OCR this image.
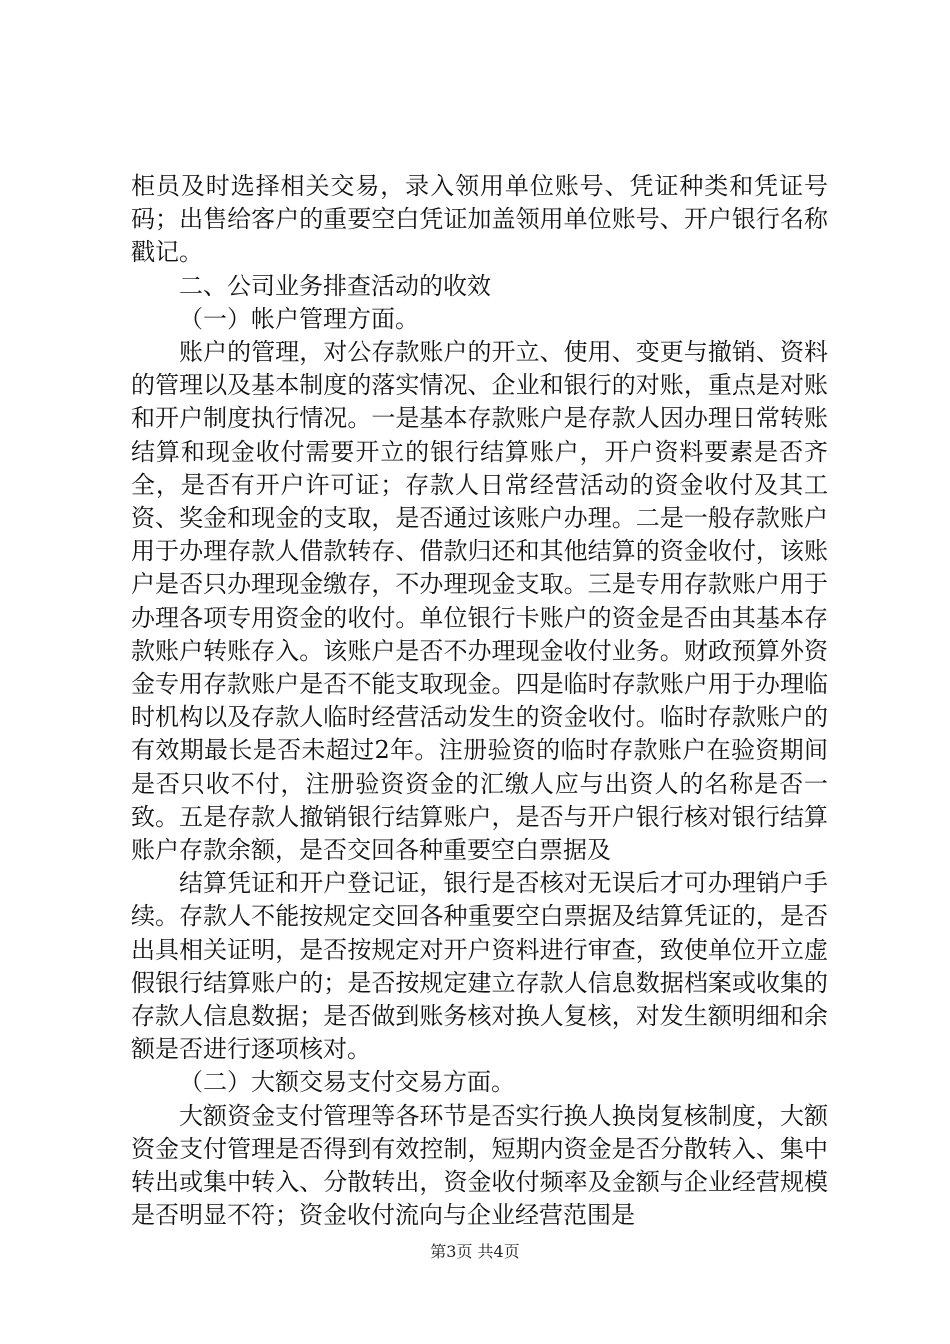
柜员及时选择相关交易，录入领用单位账号、凭证种类和凭证号码；出售给客户的重要空白凭证加盖领用单位账号、开户银行名称戳记。

二、公司业务排查活动的收效

（一）帐户管理方面。

账户的管理，对公存款账户的开立、使用、变更与撤销、资料的管理以及基本制度的落实情况、企业和银行的对账，重点是对账和开户制度执行情况。一是基本存款账户是存款人因办理日常转账结算和现金收付需要开立的银行结算账户，开户资料要素是否齐全，是否有开户许可证；存款人日常经营活动的资金收付及其工资、奖金和现金的支取，是否通过该账户办理。二是一般存款账户用于办理存款人借款转存、借款归还和其他结算的资金收付，该账户是否只办理现金缴存，不办理现金支取。三是专用存款账户用于办理各项专用资金的收付。单位银行卡账户的资金是否由其基本存款账户转账存入。该账户是否不办理现金收付业务。财政预算外资金专用存款账户是否不能支取现金。四是临时存款账户用于办理临时机构以及存款人临时经营活动发生的资金收付。临时存款账户的有效期最长是否未超过2年。注册验资的临时存款账户在验资期间是否只收不付，注册验资资金的汇缴人应与出资人的名称是否一致。五是存款人撤销银行结算账户，是否与开户银行核对银行结算账户存款余额，是否交回各种重要空白票据及

结算凭证和开户登记证，银行是否核对无误后才可办理销户手续。存款人不能按规定交回各种重要空白票据及结算凭证的，是否出具相关证明，是否按规定对开户资料进行审查，致使单位开立虚假银行结算账户的；是否按规定建立存款人信息数据档案或收集的存款人信息数据；是否做到账务核对换人复核，对发生额明细和余额是否进行逐项核对。

（二）大额交易支付交易方面。

大额资金支付管理等各环节是否实行换人换岗复核制度，大额资金支付管理是否得到有效控制，短期内资金是否分散转入、集中转出或集中转入、分散转出，资金收付频率及金额与企业经营规模是否明显不符；资金收付流向与企业经营范围是

第3页 共4页
